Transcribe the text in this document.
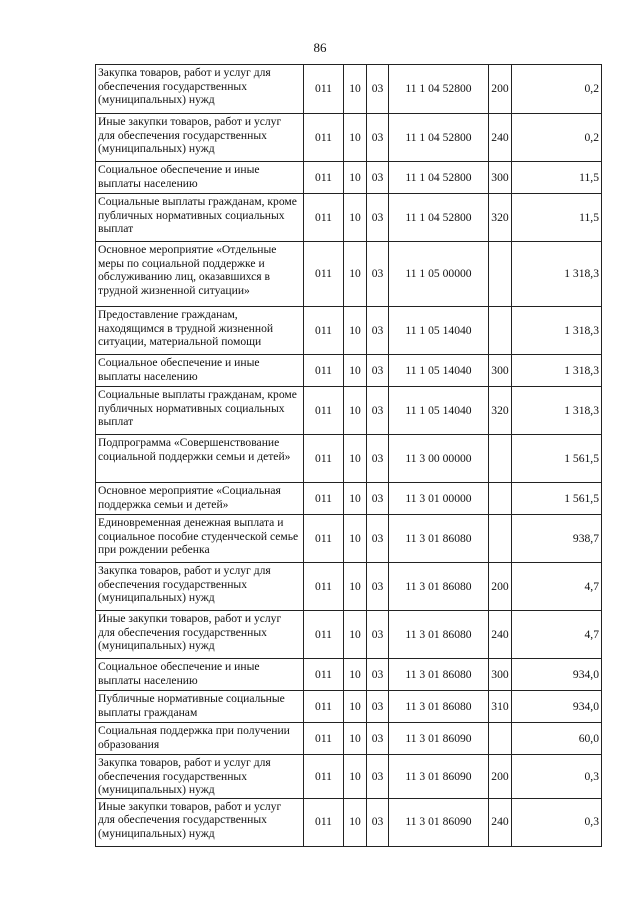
86
Закупка товаров, работ и услуг для обеспечения государственных (муниципальных) нужд	011	10	03	11 1 04 52800	200	0,2
Иные закупки товаров, работ и услуг для обеспечения государственных (муниципальных) нужд	011	10	03	11 1 04 52800	240	0,2
Социальное обеспечение и иные выплаты населению	011	10	03	11 1 04 52800	300	11,5
Социальные выплаты гражданам, кроме публичных нормативных социальных выплат	011	10	03	11 1 04 52800	320	11,5
Основное мероприятие «Отдельные меры по социальной поддержке и обслуживанию лиц, оказавшихся в трудной жизненной ситуации»	011	10	03	11 1 05 00000		1 318,3
Предоставление гражданам, находящимся в трудной жизненной ситуации, материальной помощи	011	10	03	11 1 05 14040		1 318,3
Социальное обеспечение и иные выплаты населению	011	10	03	11 1 05 14040	300	1 318,3
Социальные выплаты гражданам, кроме публичных нормативных социальных выплат	011	10	03	11 1 05 14040	320	1 318,3
Подпрограмма «Совершенствование социальной поддержки семьи и детей»	011	10	03	11 3 00 00000		1 561,5
Основное мероприятие «Социальная поддержка семьи и детей»	011	10	03	11 3 01 00000		1 561,5
Единовременная денежная выплата и социальное пособие студенческой семье при рождении ребенка	011	10	03	11 3 01 86080		938,7
Закупка товаров, работ и услуг для обеспечения государственных (муниципальных) нужд	011	10	03	11 3 01 86080	200	4,7
Иные закупки товаров, работ и услуг для обеспечения государственных (муниципальных) нужд	011	10	03	11 3 01 86080	240	4,7
Социальное обеспечение и иные выплаты населению	011	10	03	11 3 01 86080	300	934,0
Публичные нормативные социальные выплаты гражданам	011	10	03	11 3 01 86080	310	934,0
Социальная поддержка при получении образования	011	10	03	11 3 01 86090		60,0
Закупка товаров, работ и услуг для обеспечения государственных (муниципальных) нужд	011	10	03	11 3 01 86090	200	0,3
Иные закупки товаров, работ и услуг для обеспечения государственных (муниципальных) нужд	011	10	03	11 3 01 86090	240	0,3
